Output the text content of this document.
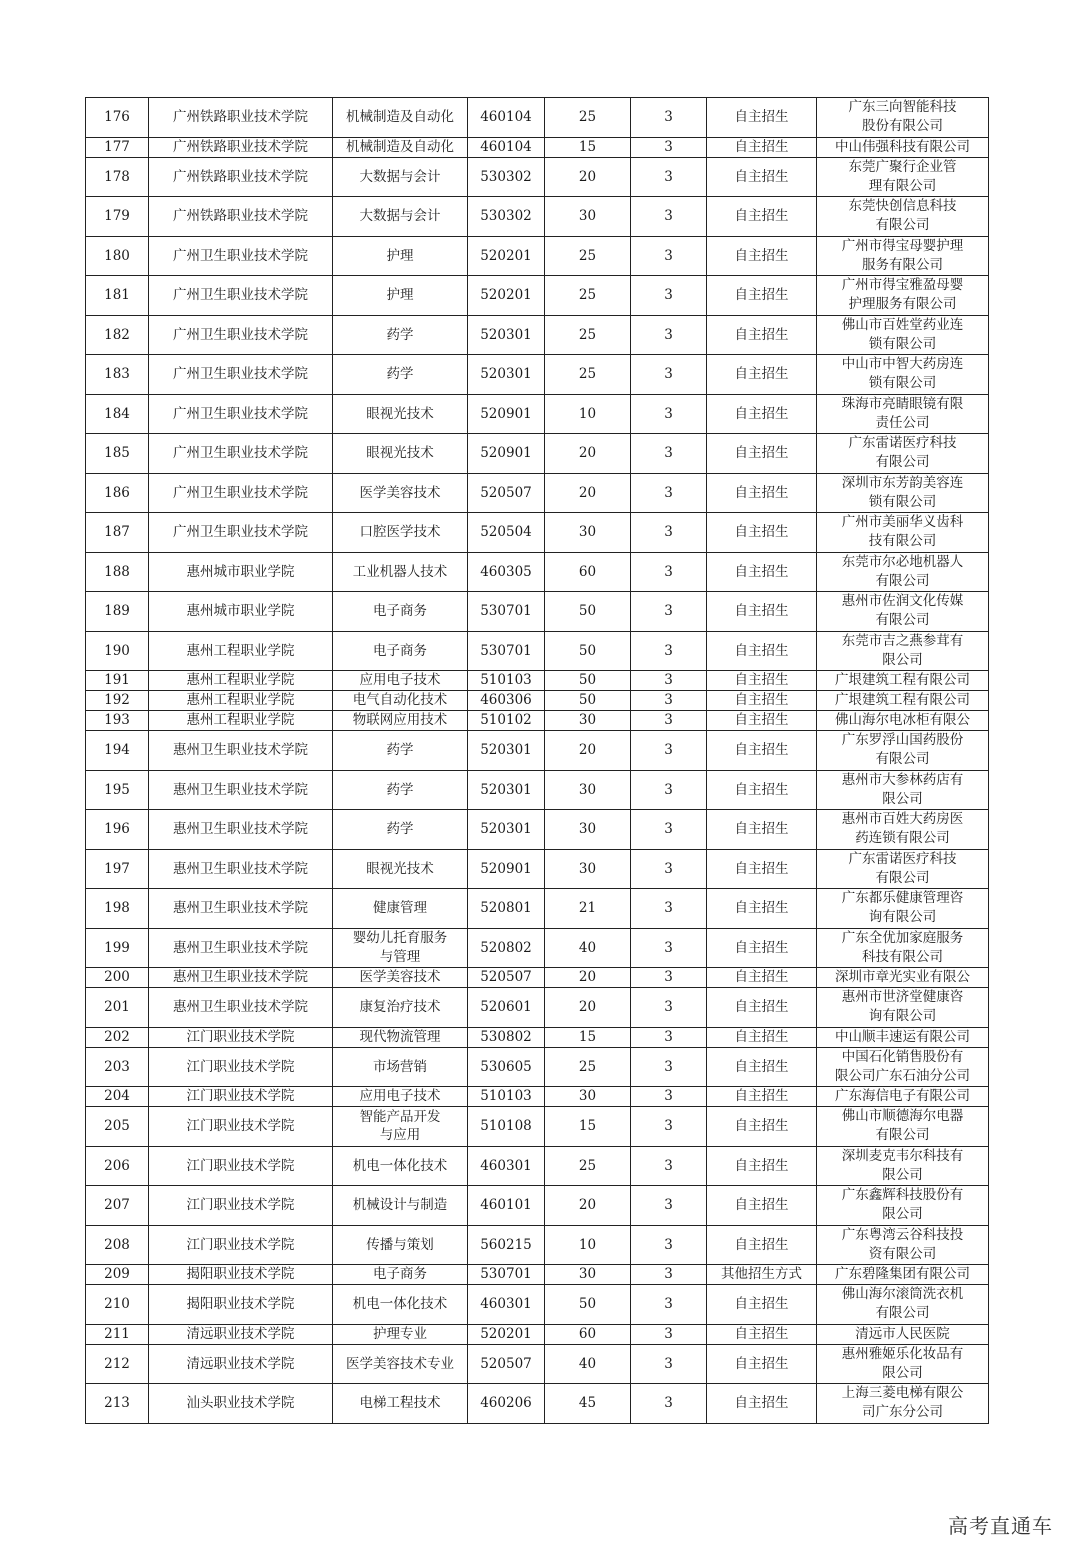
176	广州铁路职业技术学院	机械制造及自动化	460104	25	3	自主招生	广东三向智能科技
股份有限公司

177	广州铁路职业技术学院	机械制造及自动化	460104	15	3	自主招生	中山伟强科技有限公司
178	广州铁路职业技术学院	大数据与会计	530302	20	3	自主招生	东莞广聚行企业管
理有限公司

179	广州铁路职业技术学院	大数据与会计	530302	30	3	自主招生	东莞快创信息科技
有限公司

180	广州卫生职业技术学院	护理	520201	25	3	自主招生	广州市得宝母婴护理
服务有限公司

181	广州卫生职业技术学院	护理	520201	25	3	自主招生	广州市得宝雅盈母婴
护理服务有限公司

182	广州卫生职业技术学院	药学	520301	25	3	自主招生	佛山市百姓堂药业连
锁有限公司

183	广州卫生职业技术学院	药学	520301	25	3	自主招生	中山市中智大药房连
锁有限公司

184	广州卫生职业技术学院	眼视光技术	520901	10	3	自主招生	珠海市亮睛眼镜有限
责任公司

185	广州卫生职业技术学院	眼视光技术	520901	20	3	自主招生	广东雷诺医疗科技
有限公司

186	广州卫生职业技术学院	医学美容技术	520507	20	3	自主招生	深圳市东芳韵美容连
锁有限公司

187	广州卫生职业技术学院	口腔医学技术	520504	30	3	自主招生	广州市美丽华义齿科
技有限公司

188	惠州城市职业学院	工业机器人技术	460305	60	3	自主招生	东莞市尔必地机器人
有限公司

189	惠州城市职业学院	电子商务	530701	50	3	自主招生	惠州市佐润文化传媒
有限公司

190	惠州工程职业学院	电子商务	530701	50	3	自主招生	东莞市吉之燕参茸有
限公司

191	惠州工程职业学院	应用电子技术	510103	50	3	自主招生	广垠建筑工程有限公司
192	惠州工程职业学院	电气自动化技术	460306	50	3	自主招生	广垠建筑工程有限公司
193	惠州工程职业学院	物联网应用技术	510102	30	3	自主招生	佛山海尔电冰柜有限公
194	惠州卫生职业技术学院	药学	520301	20	3	自主招生	广东罗浮山国药股份
有限公司

195	惠州卫生职业技术学院	药学	520301	30	3	自主招生	惠州市大参林药店有
限公司

196	惠州卫生职业技术学院	药学	520301	30	3	自主招生	惠州市百姓大药房医
药连锁有限公司

197	惠州卫生职业技术学院	眼视光技术	520901	30	3	自主招生	广东雷诺医疗科技
有限公司

198	惠州卫生职业技术学院	健康管理	520801	21	3	自主招生	广东都乐健康管理咨
询有限公司

199	惠州卫生职业技术学院	婴幼儿托育服务
与管理	520802	40	3	自主招生	广东全优加家庭服务
科技有限公司

200	惠州卫生职业技术学院	医学美容技术	520507	20	3	自主招生	深圳市章光实业有限公
201	惠州卫生职业技术学院	康复治疗技术	520601	20	3	自主招生	惠州市世济堂健康咨
询有限公司

202	江门职业技术学院	现代物流管理	530802	15	3	自主招生	中山顺丰速运有限公司
203	江门职业技术学院	市场营销	530605	25	3	自主招生	中国石化销售股份有
限公司广东石油分公司

204	江门职业技术学院	应用电子技术	510103	30	3	自主招生	广东海信电子有限公司
205	江门职业技术学院	智能产品开发
与应用	510108	15	3	自主招生	佛山市顺德海尔电器
有限公司

206	江门职业技术学院	机电一体化技术	460301	25	3	自主招生	深圳麦克韦尔科技有
限公司

207	江门职业技术学院	机械设计与制造	460101	20	3	自主招生	广东鑫辉科技股份有
限公司

208	江门职业技术学院	传播与策划	560215	10	3	自主招生	广东粤湾云谷科技投
资有限公司

209	揭阳职业技术学院	电子商务	530701	30	3	其他招生方式	广东碧隆集团有限公司
210	揭阳职业技术学院	机电一体化技术	460301	50	3	自主招生	佛山海尔滚筒洗衣机
有限公司

211	清远职业技术学院	护理专业	520201	60	3	自主招生	清远市人民医院
212	清远职业技术学院	医学美容技术专业	520507	40	3	自主招生	惠州雅姬乐化妆品有
限公司

213	汕头职业技术学院	电梯工程技术	460206	45	3	自主招生	上海三菱电梯有限公
司广东分公司
高考直通车
